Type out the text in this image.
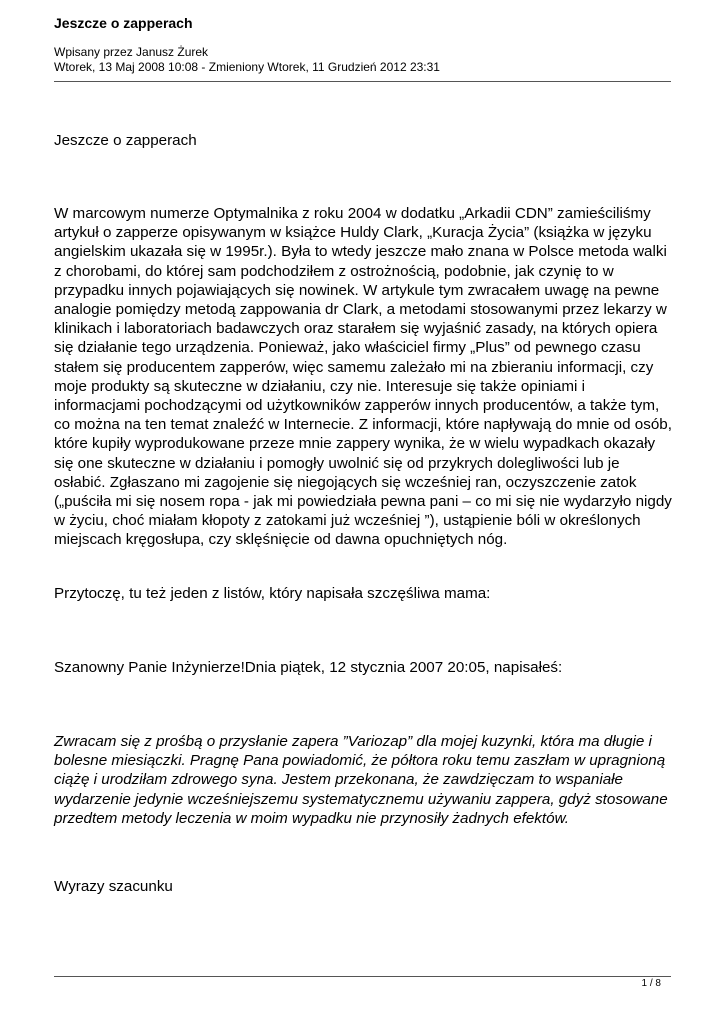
Jeszcze o zapperach

Wpisany przez Janusz Żurek
Wtorek, 13 Maj 2008 10:08 - Zmieniony Wtorek, 11 Grudzień 2012 23:31

Jeszcze o zapperach

W marcowym numerze Optymalnika z roku 2004 w dodatku „Arkadii CDN” zamieściliśmy artykuł o zapperze opisywanym w książce Huldy Clark, „Kuracja Życia” (książka w języku angielskim ukazała się w 1995r.). Była to wtedy jeszcze mało znana w Polsce metoda walki z chorobami, do której sam podchodziłem z ostrożnością, podobnie, jak czynię to w przypadku innych pojawiających się nowinek. W artykule tym zwracałem uwagę na pewne analogie pomiędzy metodą zappowania dr Clark, a metodami stosowanymi przez lekarzy w klinikach i laboratoriach badawczych oraz starałem się wyjaśnić zasady, na których opiera się działanie tego urządzenia. Ponieważ, jako właściciel firmy „Plus” od pewnego czasu stałem się producentem zapperów, więc samemu zależało mi na zbieraniu informacji, czy moje produkty są skuteczne w działaniu, czy nie. Interesuje się także opiniami i informacjami pochodzącymi od użytkowników zapperów innych producentów, a także tym, co można na ten temat znaleźć w Internecie. Z informacji, które napływają do mnie od osób, które kupiły wyprodukowane przeze mnie zappery wynika, że w wielu wypadkach okazały się one skuteczne w działaniu i pomogły uwolnić się od przykrych dolegliwości lub je osłabić. Zgłaszano mi zagojenie się niegojących się wcześniej ran, oczyszczenie zatok („puściła mi się nosem ropa - jak mi powiedziała pewna pani – co mi się nie wydarzyło nigdy w życiu, choć miałam kłopoty z zatokami już wcześniej ”), ustąpienie bóli w określonych miejscach kręgosłupa, czy sklęśnięcie od dawna opuchniętych nóg.

Przytoczę, tu też jeden z listów, który napisała szczęśliwa mama:

Szanowny Panie Inżynierze!Dnia piątek, 12 stycznia 2007 20:05, napisałeś:

Zwracam się z prośbą o przysłanie zapera ”Variozap” dla mojej kuzynki, która ma długie i bolesne miesiączki. Pragnę Pana powiadomić, że półtora roku temu zaszłam w upragnioną ciążę i urodziłam zdrowego syna. Jestem przekonana, że zawdzięczam to wspaniałe wydarzenie jedynie wcześniejszemu systematycznemu używaniu zappera, gdyż stosowane przedtem metody leczenia w moim wypadku nie przynosiły żadnych efektów.

Wyrazy szacunku

1 / 8
